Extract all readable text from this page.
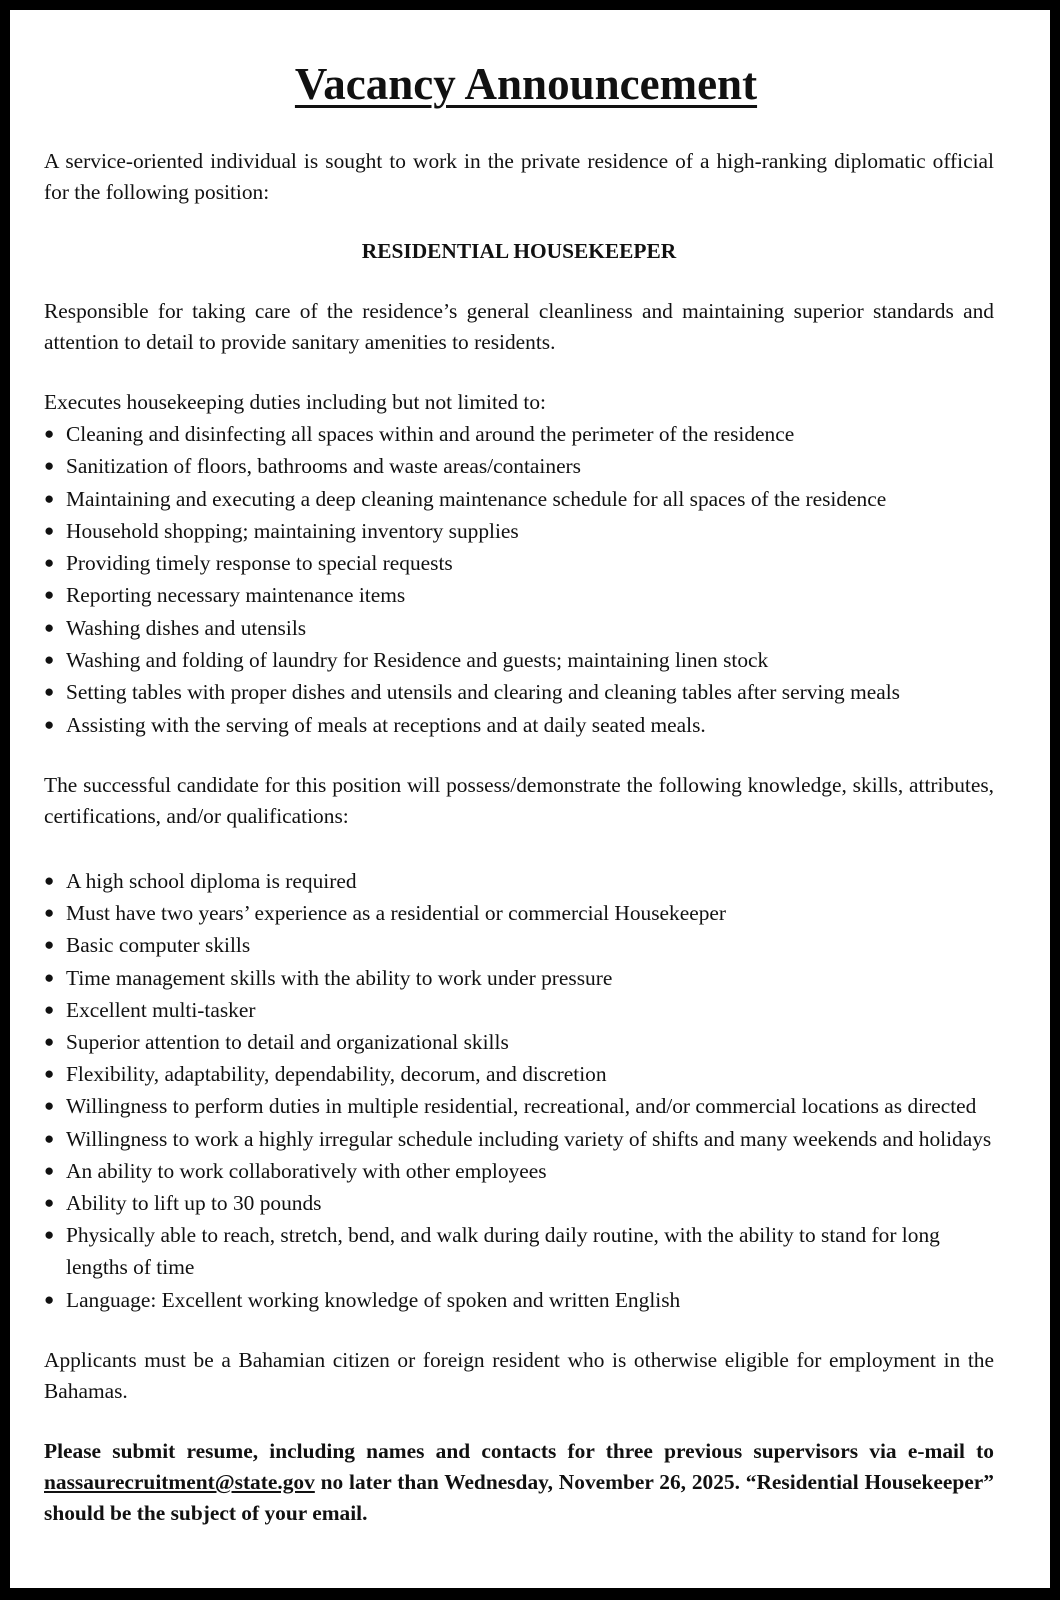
Vacancy Announcement

A service-oriented individual is sought to work in the private residence of a high-ranking diplomatic official for the following position:

RESIDENTIAL HOUSEKEEPER

Responsible for taking care of the residence’s general cleanliness and maintaining superior standards and attention to detail to provide sanitary amenities to residents.

Executes housekeeping duties including but not limited to:

● Cleaning and disinfecting all spaces within and around the perimeter of the residence
● Sanitization of floors, bathrooms and waste areas/containers
● Maintaining and executing a deep cleaning maintenance schedule for all spaces of the residence
● Household shopping; maintaining inventory supplies
● Providing timely response to special requests
● Reporting necessary maintenance items
● Washing dishes and utensils
● Washing and folding of laundry for Residence and guests; maintaining linen stock
● Setting tables with proper dishes and utensils and clearing and cleaning tables after serving meals
● Assisting with the serving of meals at receptions and at daily seated meals.

The successful candidate for this position will possess/demonstrate the following knowledge, skills, attributes, certifications, and/or qualifications:

● A high school diploma is required
● Must have two years’ experience as a residential or commercial Housekeeper
● Basic computer skills
● Time management skills with the ability to work under pressure
● Excellent multi-tasker
● Superior attention to detail and organizational skills
● Flexibility, adaptability, dependability, decorum, and discretion
● Willingness to perform duties in multiple residential, recreational, and/or commercial locations as directed
● Willingness to work a highly irregular schedule including variety of shifts and many weekends and holidays
● An ability to work collaboratively with other employees
● Ability to lift up to 30 pounds
● Physically able to reach, stretch, bend, and walk during daily routine, with the ability to stand for long lengths of time
● Language: Excellent working knowledge of spoken and written English

Applicants must be a Bahamian citizen or foreign resident who is otherwise eligible for employment in the Bahamas.

Please submit resume, including names and contacts for three previous supervisors via e-mail to nassaurecruitment@state.gov no later than Wednesday, November 26, 2025. “Residential Housekeeper” should be the subject of your email.
